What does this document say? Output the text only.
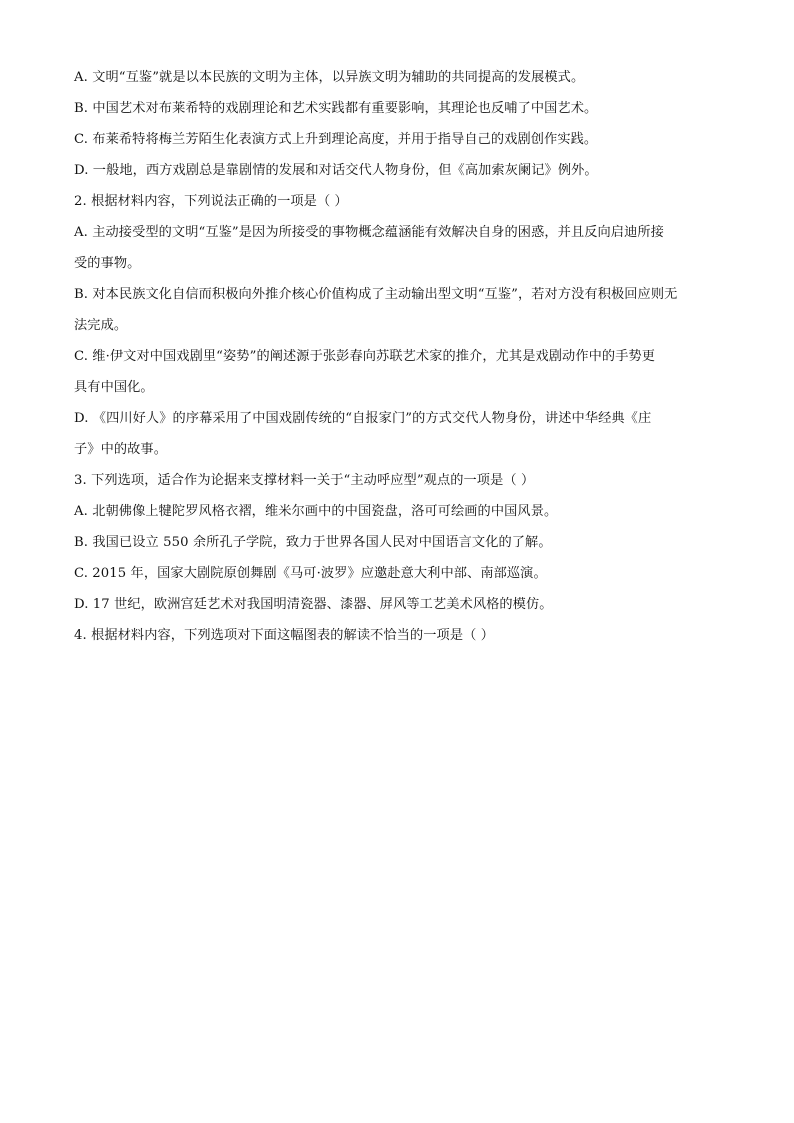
A. 文明“互鉴”就是以本民族的文明为主体，以异族文明为辅助的共同提高的发展模式。
B. 中国艺术对布莱希特的戏剧理论和艺术实践都有重要影响，其理论也反哺了中国艺术。
C. 布莱希特将梅兰芳陌生化表演方式上升到理论高度，并用于指导自己的戏剧创作实践。
D. 一般地，西方戏剧总是靠剧情的发展和对话交代人物身份，但《高加索灰阑记》例外。
2. 根据材料内容，下列说法正确的一项是（ ）
A. 主动接受型的文明“互鉴”是因为所接受的事物概念蕴涵能有效解决自身的困惑，并且反向启迪所接
受的事物。
B. 对本民族文化自信而积极向外推介核心价值构成了主动输出型文明“互鉴”，若对方没有积极回应则无
法完成。
C. 维·伊文对中国戏剧里“姿势”的阐述源于张彭春向苏联艺术家的推介，尤其是戏剧动作中的手势更
具有中国化。
D. 《四川好人》的序幕采用了中国戏剧传统的“自报家门”的方式交代人物身份，讲述中华经典《庄
子》中的故事。
3. 下列选项，适合作为论据来支撑材料一关于“主动呼应型”观点的一项是（ ）
A. 北朝佛像上犍陀罗风格衣褶，维米尔画中的中国瓷盘，洛可可绘画的中国风景。
B. 我国已设立 550 余所孔子学院，致力于世界各国人民对中国语言文化的了解。
C. 2015 年，国家大剧院原创舞剧《马可·波罗》应邀赴意大利中部、南部巡演。
D. 17 世纪，欧洲宫廷艺术对我国明清瓷器、漆器、屏风等工艺美术风格的模仿。
4. 根据材料内容，下列选项对下面这幅图表的解读不恰当的一项是（ ）
